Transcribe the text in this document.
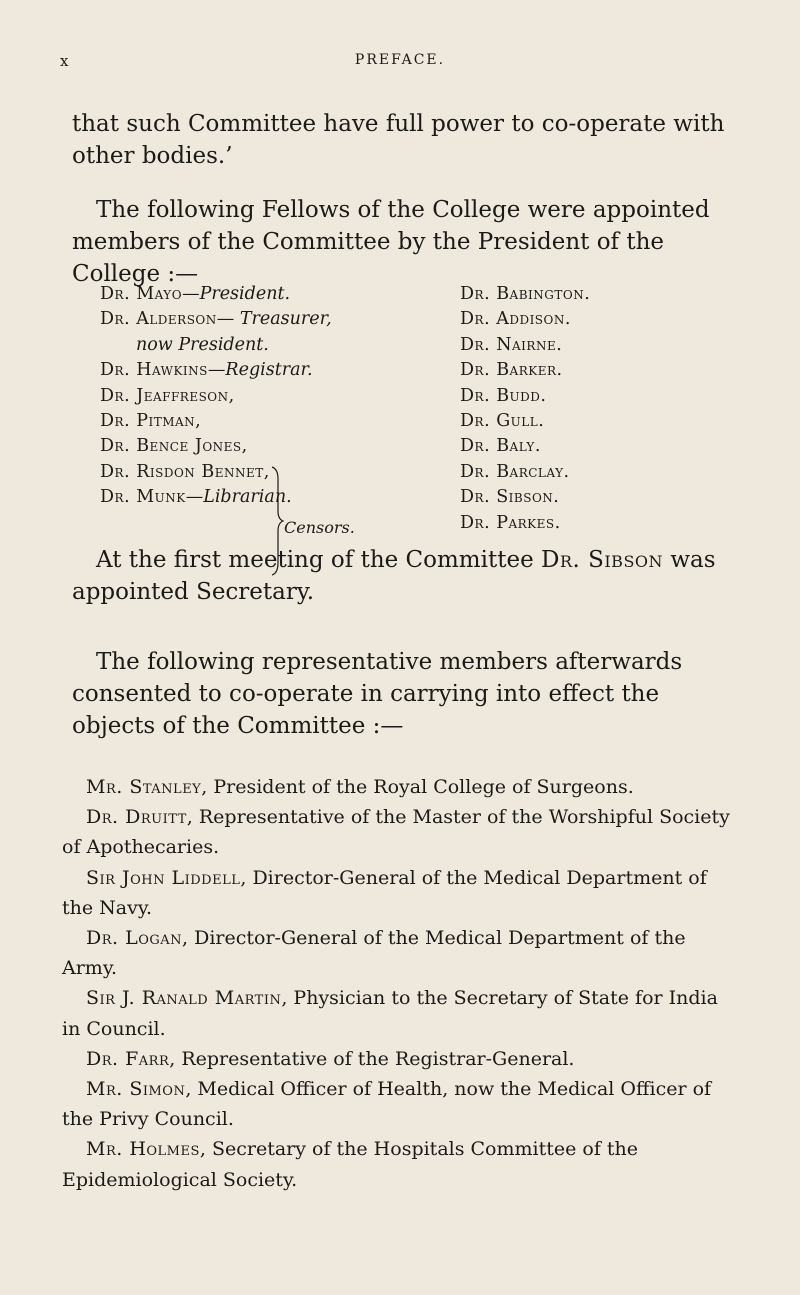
x	PREFACE.

that such Committee have full power to co-operate with other bodies.’

The following Fellows of the College were appointed members of the Committee by the President of the College :—

Dr. Mayo—President.
Dr. Alderson— Treasurer,
now President.
Dr. Hawkins—Registrar.
Dr. Jeaffreson,
Dr. Pitman,
Dr. Bence Jones,
Dr. Risdon Bennet,
Dr. Munk—Librarian.
Censors.
Dr. Babington.
Dr. Addison.
Dr. Nairne.
Dr. Barker.
Dr. Budd.
Dr. Gull.
Dr. Baly.
Dr. Barclay.
Dr. Sibson.
Dr. Parkes.

At the first meeting of the Committee Dr. Sibson was appointed Secretary.

The following representative members afterwards consented to co-operate in carrying into effect the objects of the Committee :—

Mr. Stanley, President of the Royal College of Surgeons.

Dr. Druitt, Representative of the Master of the Worshipful Society of Apothecaries.

Sir John Liddell, Director-General of the Medical Department of the Navy.

Dr. Logan, Director-General of the Medical Department of the Army.

Sir J. Ranald Martin, Physician to the Secretary of State for India in Council.

Dr. Farr, Representative of the Registrar-General.

Mr. Simon, Medical Officer of Health, now the Medical Officer of the Privy Council.

Mr. Holmes, Secretary of the Hospitals Committee of the Epidemiological Society.
